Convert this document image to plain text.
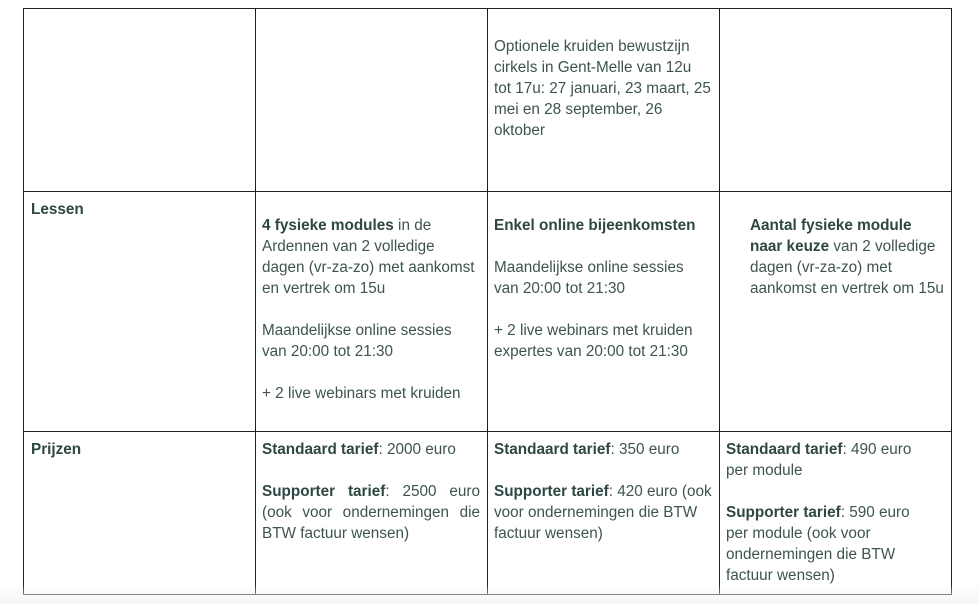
Optionele kruiden bewustzijn cirkels in Gent-Melle van 12u tot 17u: 27 januari, 23 maart, 25 mei en 28 september, 26 oktober

Lessen

4 fysieke modules in de Ardennen van 2 volledige dagen (vr-za-zo) met aankomst en vertrek om 15u

Maandelijkse online sessies van 20:00 tot 21:30

+ 2 live webinars met kruiden

Enkel online bijeenkomsten

Maandelijkse online sessies van 20:00 tot 21:30

+ 2 live webinars met kruiden expertes van 20:00 tot 21:30

Aantal fysieke module naar keuze van 2 volledige dagen (vr-za-zo) met aankomst en vertrek om 15u

Prijzen	Standaard tarief: 2000 euro

Supporter tarief: 2500 euro (ook voor ondernemingen die BTW factuur wensen)

Standaard tarief: 350 euro

Supporter tarief: 420 euro (ook voor ondernemingen die BTW factuur wensen)

Standaard tarief: 490 euro per module

Supporter tarief: 590 euro per module (ook voor ondernemingen die BTW factuur wensen)
